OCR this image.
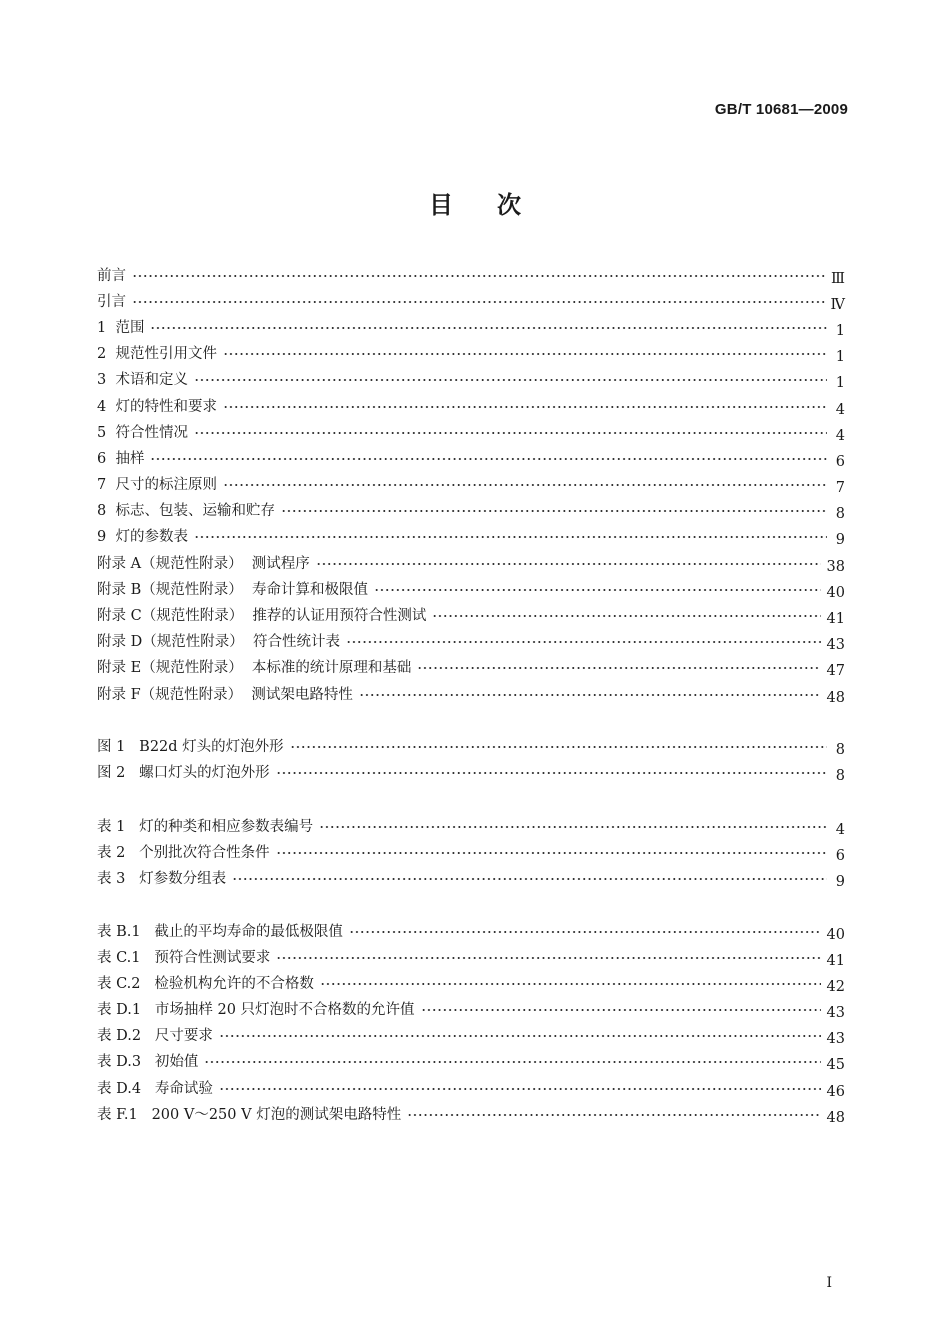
GB/T 10681—2009
目次
前言	Ⅲ
引言	Ⅳ
1  范围	1
2  规范性引用文件	1
3  术语和定义	1
4  灯的特性和要求	4
5  符合性情况	4
6  抽样	6
7  尺寸的标注原则	7
8  标志、包装、运输和贮存	8
9  灯的参数表	9
附录 A（规范性附录）  测试程序	38
附录 B（规范性附录）  寿命计算和极限值	40
附录 C（规范性附录）  推荐的认证用预符合性测试	41
附录 D（规范性附录）  符合性统计表	43
附录 E（规范性附录）  本标准的统计原理和基础	47
附录 F（规范性附录）  测试架电路特性	48
图 1   B22d 灯头的灯泡外形	8
图 2   螺口灯头的灯泡外形	8
表 1   灯的种类和相应参数表编号	4
表 2   个别批次符合性条件	6
表 3   灯参数分组表	9
表 B.1   截止的平均寿命的最低极限值	40
表 C.1   预符合性测试要求	41
表 C.2   检验机构允许的不合格数	42
表 D.1   市场抽样 20 只灯泡时不合格数的允许值	43
表 D.2   尺寸要求	43
表 D.3   初始值	45
表 D.4   寿命试验	46
表 F.1   200 V～250 V 灯泡的测试架电路特性	48
I
